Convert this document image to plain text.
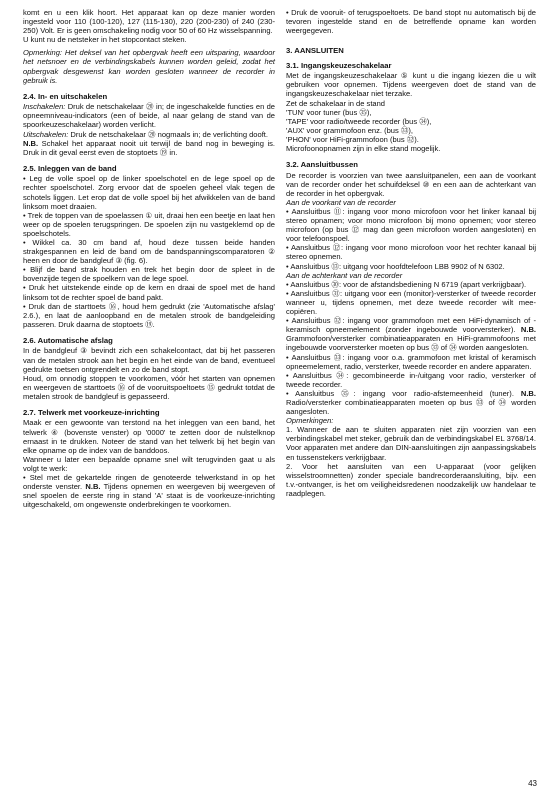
komt en u een klik hoort. Het apparaat kan op deze manier worden ingesteld voor 110 (100-120), 127 (115-130), 220 (200-230) of 240 (230-250) Volt. Er is geen omschakeling nodig voor 50 of 60 Hz wisselspanning.

U kunt nu de netsteker in het stopcontact steken.

Opmerking: Het deksel van het opbergvak heeft een uitsparing, waardoor het netsnoer en de verbindingskabels kunnen worden geleid, zodat het opbergvak desgewenst kan worden gesloten wanneer de recorder in gebruik is.

2.4. In- en uitschakelen

Inschakelen: Druk de netschakelaar ⑳ in; de ingeschakelde functies en de opneemniveau-indicators (een of beide, al naar gelang de stand van de spoorkeuzeschakelaar) worden verlicht.

Uitschakelen: Druk de netschakelaar ⑳ nogmaals in; de verlichting dooft.

N.B. Schakel het apparaat nooit uit terwijl de band nog in beweging is. Druk in dit geval eerst even de stoptoets ⑲ in.

2.5. Inleggen van de band

• Leg de volle spoel op de linker spoelschotel en de lege spoel op de rechter spoelschotel. Zorg ervoor dat de spoelen geheel vlak tegen de schotels liggen. Let erop dat de volle spoel bij het afwikkelen van de band linksom moet draaien.

• Trek de toppen van de spoelassen ① uit, draai hen een beetje en laat hen weer op de spoelen terugspringen. De spoelen zijn nu vastgeklemd op de spoelschotels.

• Wikkel ca. 30 cm band af, houd deze tussen beide handen strakgespannen en leid de band om de bandspanningscomparatoren ② heen en door de bandgleuf ③ (fig. 6).

• Blijf de band strak houden en trek het begin door de spleet in de bovenzijde tegen de spoelkern van de lege spoel.

• Druk het uitstekende einde op de kern en draai de spoel met de hand linksom tot de rechter spoel de band pakt.

• Druk dan de starttoets ⑯, houd hem gedrukt (zie 'Automatische afslag' 2.6.), en laat de aanloopband en de metalen strook de bandgeleiding passeren. Druk daarna de stoptoets ⑲.

2.6. Automatische afslag

In de bandgleuf ③ bevindt zich een schakelcontact, dat bij het passeren van de metalen strook aan het begin en het einde van de band, eventueel gedrukte toetsen ontgrendelt en zo de band stopt.

Houd, om onnodig stoppen te voorkomen, vóór het starten van opnemen en weergeven de starttoets ⑯ of de vooruitspoeltoets ⑮ gedrukt totdat de metalen strook de bandgleuf is gepasseerd.

2.7. Telwerk met voorkeuze-inrichting

Maak er een gewoonte van terstond na het inleggen van een band, het telwerk ④ (bovenste venster) op '0000' te zetten door de nulstelknop ernaast in te drukken. Noteer de stand van het telwerk bij het begin van elke opname op de index van de banddoos.

Wanneer u later een bepaalde opname snel wilt terugvinden gaat u als volgt te werk:

• Stel met de gekartelde ringen de genoteerde telwerkstand in op het onderste venster. N.B. Tijdens opnemen en weergeven bij weergeven of snel spoelen de eerste ring in stand 'A' staat is de voorkeuze-inrichting uitgeschakeld, om ongewenste onderbrekingen te voorkomen.

• Druk de vooruit- of terugspoeltoets. De band stopt nu automatisch bij de tevoren ingestelde stand en de betreffende opname kan worden weergegeven.

3. AANSLUITEN
3.1. Ingangskeuzeschakelaar

Met de ingangskeuzeschakelaar ⑤ kunt u die ingang kiezen die u wilt gebruiken voor opnemen. Tijdens weergeven doet de stand van de ingangskeuzeschakelaar niet terzake.

Zet de schakelaar in de stand

'TUN' voor tuner (bus ㉟),

'TAPE' voor radio/tweede recorder (bus ㉞),

'AUX' voor grammofoon enz. (bus ㉝),

'PHON' voor HiFi-grammofoon (bus ㉜).

Microfoonopnamen zijn in elke stand mogelijk.

3.2. Aansluitbussen

De recorder is voorzien van twee aansluitpanelen, een aan de voorkant van de recorder onder het schuifdeksel ⑩ en een aan de achterkant van de recorder in het opbergvak.

Aan de voorkant van de recorder

• Aansluitbus ⑪: ingang voor mono microfoon voor het linker kanaal bij stereo opnamen; voor mono microfoon bij mono opnemen; voor stereo microfoon (op bus ⑫ mag dan geen microfoon worden aangesloten) en voor telefoonspoel.

• Aansluitbus ⑫: ingang voor mono microfoon voor het rechter kanaal bij stereo opnemen.

• Aansluitbus ⑬: uitgang voor hoofdtelefoon LBB 9902 of N 6302.

Aan de achterkant van de recorder

• Aansluitbus ㉚: voor de afstandsbediening N 6719 (apart verkrijgbaar).

• Aansluitbus ㉛: uitgang voor een (monitor)-versterker of tweede recorder wanneer u, tijdens opnemen, met deze tweede recorder wilt mee-copiëren.

• Aansluitbus ㉜: ingang voor grammofoon met een HiFi-dynamisch of -keramisch opneemelement (zonder ingebouwde voorversterker). N.B. Grammofoon/versterker combinatieapparaten en HiFi-grammofoons met ingebouwde voorversterker moeten op bus ㉝ of ㉞ worden aangesloten.

• Aansluitbus ㉝: ingang voor o.a. grammofoon met kristal of keramisch opneemelement, radio, versterker, tweede recorder en andere apparaten.

• Aansluitbus ㉞: gecombineerde in-/uitgang voor radio, versterker of tweede recorder.

• Aansluitbus ㉟: ingang voor radio-afstemeenheid (tuner). N.B. Radio/versterker combinatieapparaten moeten op bus ㉝ of ㉞ worden aangesloten.

Opmerkingen:

1. Wanneer de aan te sluiten apparaten niet zijn voorzien van een verbindingskabel met steker, gebruik dan de verbindingskabel EL 3768/14. Voor apparaten met andere dan DIN-aansluitingen zijn aanpassingskabels en tussenstekers verkrijgbaar.

2. Voor het aansluiten van een U-apparaat (voor gelijken wisselstroomnetten) zonder speciale bandrecorderaansluiting, bijv. een t.v.-ontvanger, is het om veiligheidsredenen noodzakelijk uw handelaar te raadplegen.

43
